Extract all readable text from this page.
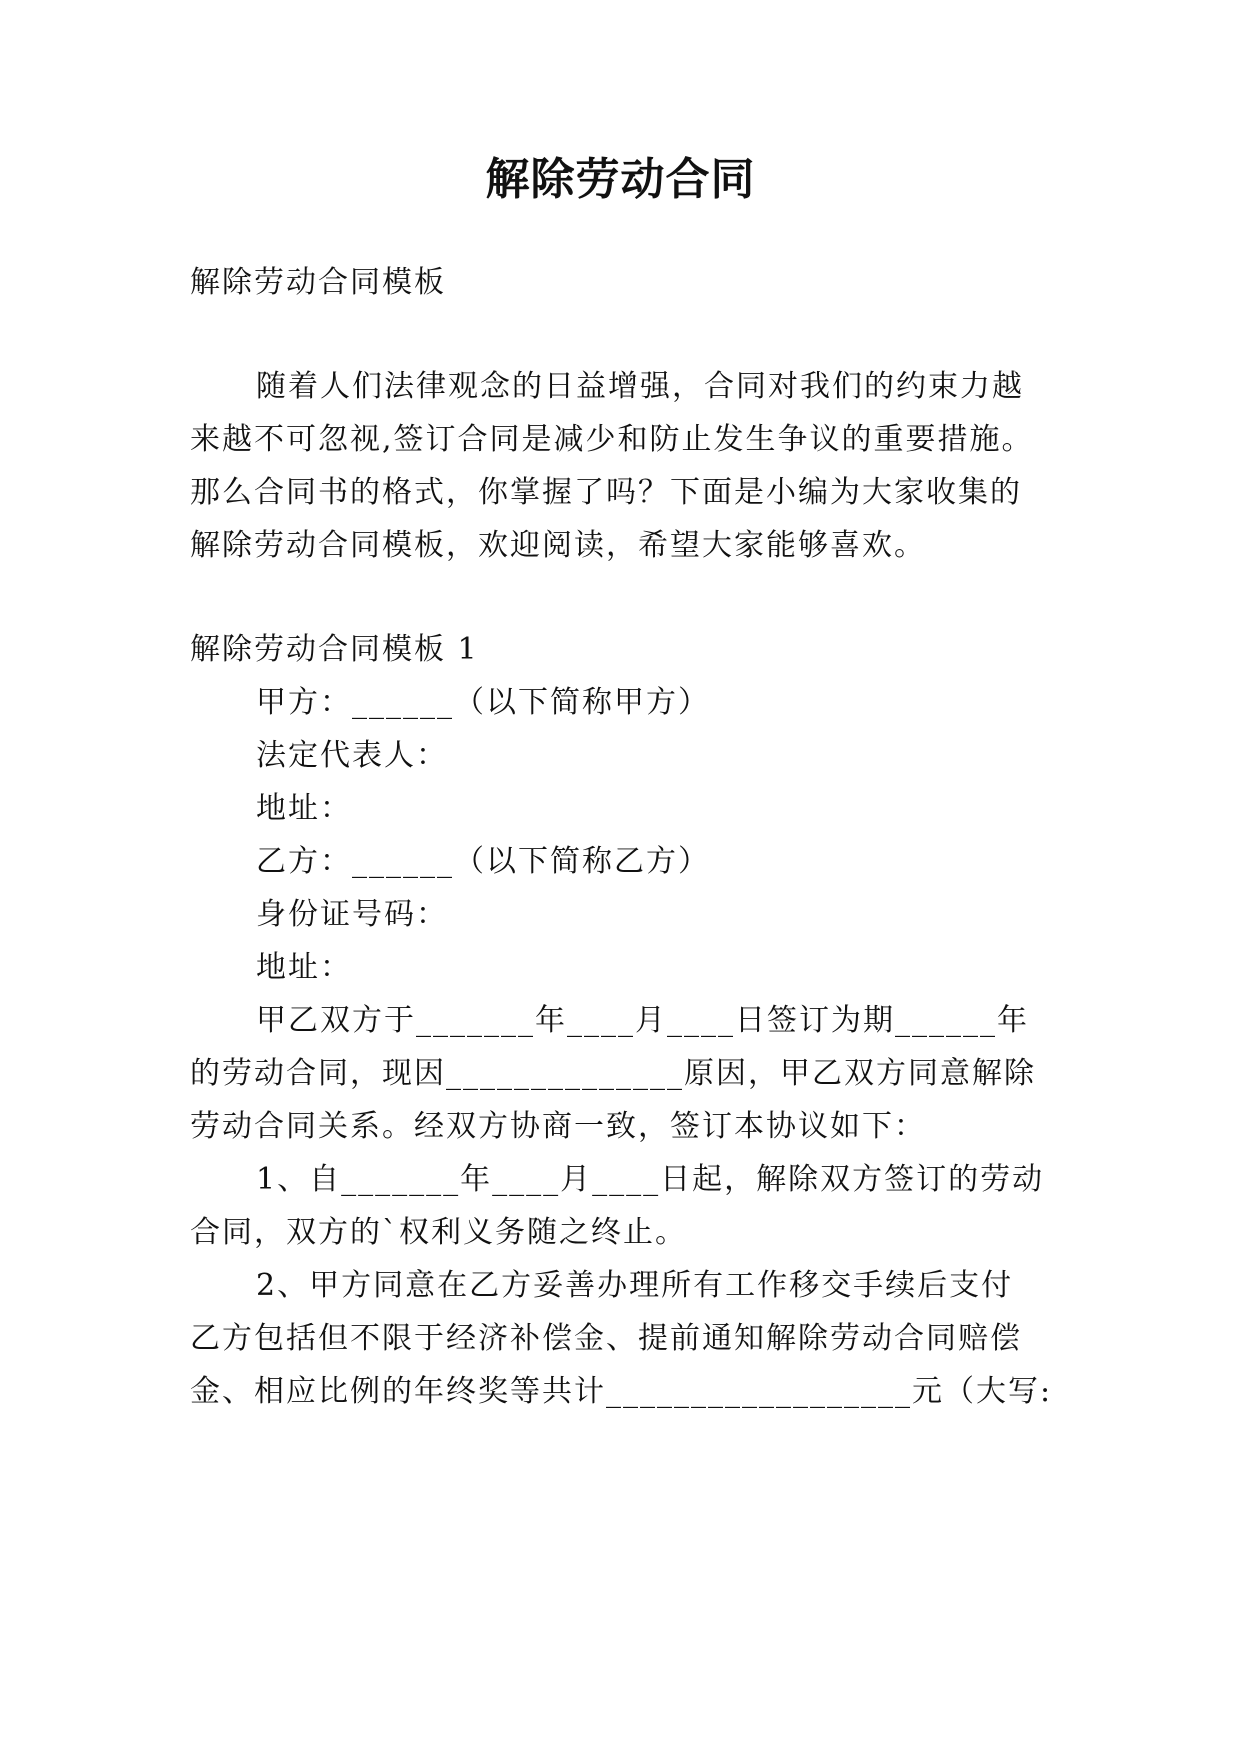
解除劳动合同
解除劳动合同模板
随着人们法律观念的日益增强，合同对我们的约束力越
来越不可忽视,签订合同是减少和防止发生争议的重要措施。
那么合同书的格式，你掌握了吗？下面是小编为大家收集的
解除劳动合同模板，欢迎阅读，希望大家能够喜欢。
解除劳动合同模板 1
甲方：______（以下简称甲方）
法定代表人：
地址：
乙方：______（以下简称乙方）
身份证号码：
地址：
甲乙双方于_______年____月____日签订为期______年
的劳动合同，现因______________原因，甲乙双方同意解除
劳动合同关系。经双方协商一致，签订本协议如下：
1、自_______年____月____日起，解除双方签订的劳动
合同，双方的`权利义务随之终止。
2、甲方同意在乙方妥善办理所有工作移交手续后支付
乙方包括但不限于经济补偿金、提前通知解除劳动合同赔偿
金、相应比例的年终奖等共计__________________元（大写:
